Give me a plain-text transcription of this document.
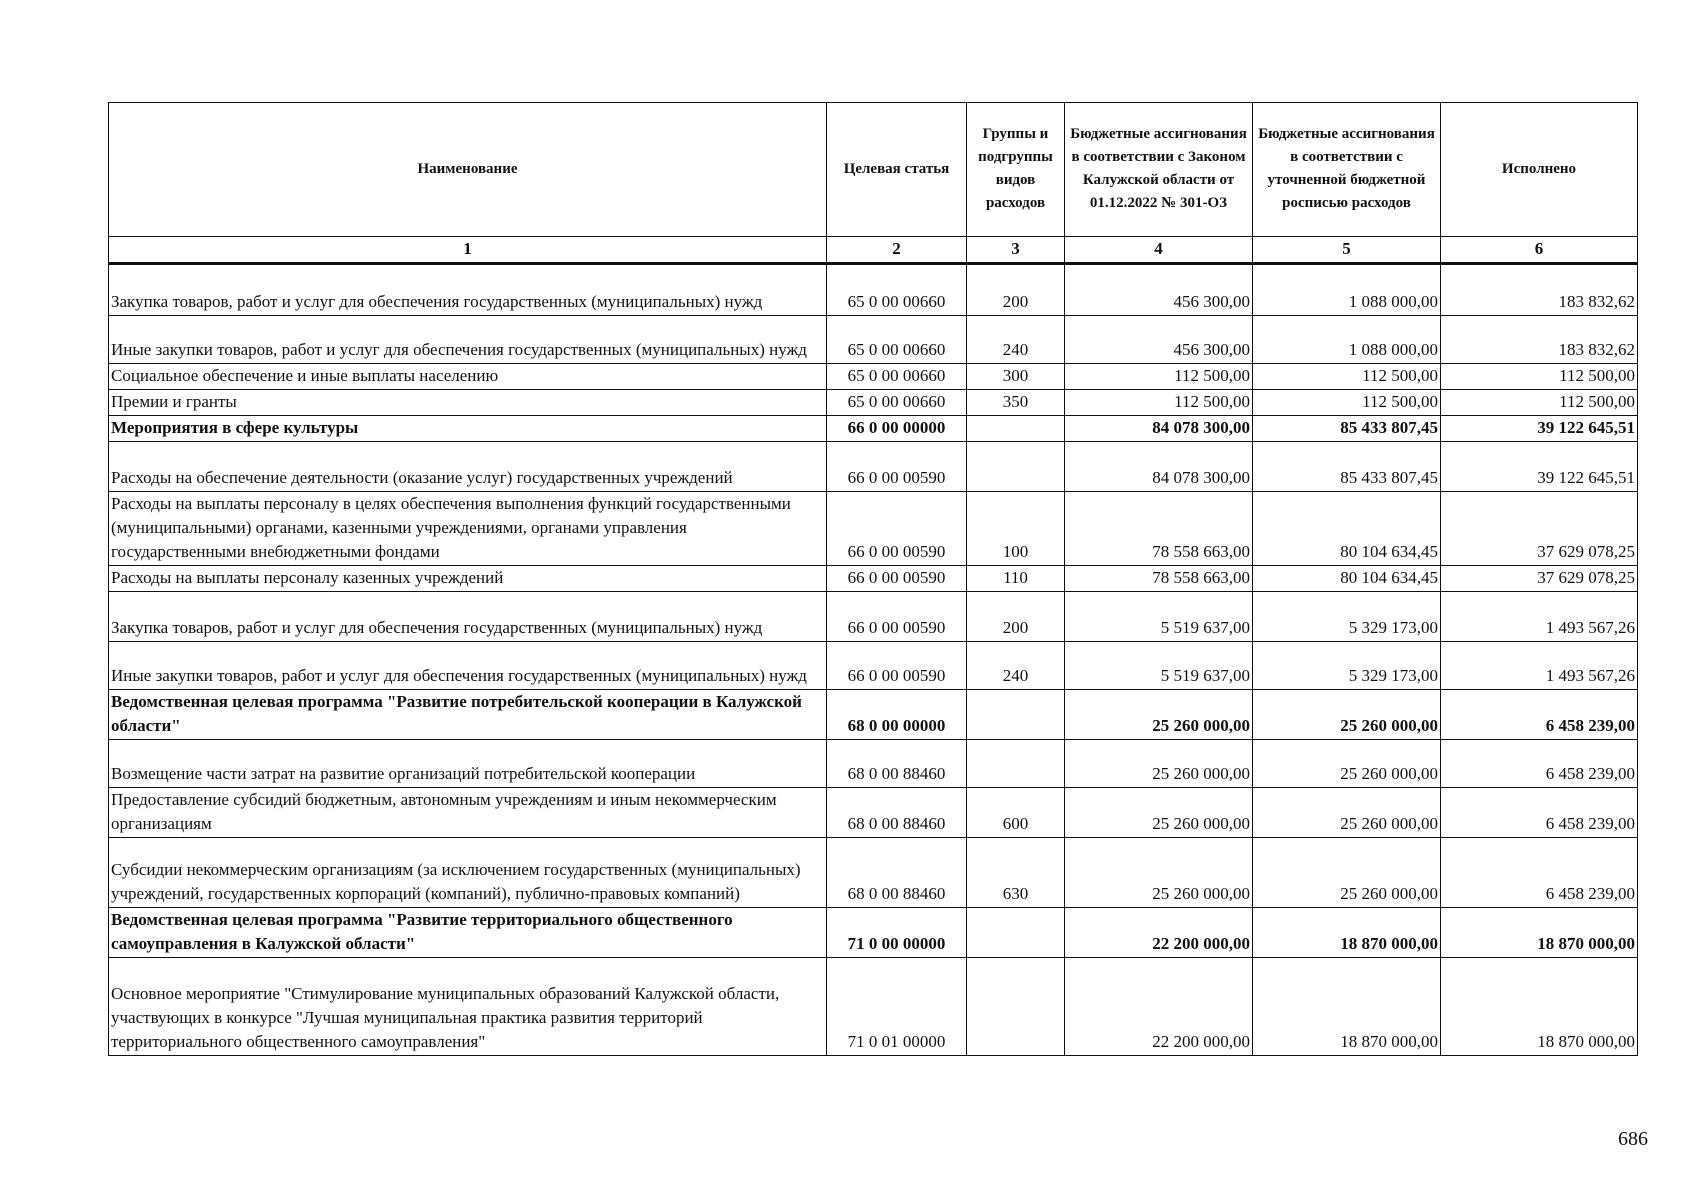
Наименование	Целевая статья	Группы и подгруппы видов расходов	Бюджетные ассигнования в соответствии с Законом Калужской области от 01.12.2022 № 301-ОЗ	Бюджетные ассигнования в соответствии с уточненной бюджетной росписью расходов	Исполнено
1	2	3	4	5	6
Закупка товаров, работ и услуг для обеспечения государственных (муниципальных) нужд	65 0 00 00660	200	456 300,00	1 088 000,00	183 832,62
Иные закупки товаров, работ и услуг для обеспечения государственных (муниципальных) нужд	65 0 00 00660	240	456 300,00	1 088 000,00	183 832,62
Социальное обеспечение и иные выплаты населению	65 0 00 00660	300	112 500,00	112 500,00	112 500,00
Премии и гранты	65 0 00 00660	350	112 500,00	112 500,00	112 500,00
Мероприятия в сфере культуры	66 0 00 00000		84 078 300,00	85 433 807,45	39 122 645,51
Расходы на обеспечение деятельности (оказание услуг) государственных учреждений	66 0 00 00590		84 078 300,00	85 433 807,45	39 122 645,51
Расходы на выплаты персоналу в целях обеспечения выполнения функций государственными (муниципальными) органами, казенными учреждениями, органами управления государственными внебюджетными фондами	66 0 00 00590	100	78 558 663,00	80 104 634,45	37 629 078,25
Расходы на выплаты персоналу казенных учреждений	66 0 00 00590	110	78 558 663,00	80 104 634,45	37 629 078,25
Закупка товаров, работ и услуг для обеспечения государственных (муниципальных) нужд	66 0 00 00590	200	5 519 637,00	5 329 173,00	1 493 567,26
Иные закупки товаров, работ и услуг для обеспечения государственных (муниципальных) нужд	66 0 00 00590	240	5 519 637,00	5 329 173,00	1 493 567,26
Ведомственная целевая программа "Развитие потребительской кооперации в Калужской области"	68 0 00 00000		25 260 000,00	25 260 000,00	6 458 239,00
Возмещение части затрат на развитие организаций потребительской кооперации	68 0 00 88460		25 260 000,00	25 260 000,00	6 458 239,00
Предоставление субсидий бюджетным, автономным учреждениям и иным некоммерческим организациям	68 0 00 88460	600	25 260 000,00	25 260 000,00	6 458 239,00
Субсидии некоммерческим организациям (за исключением государственных (муниципальных) учреждений, государственных корпораций (компаний), публично-правовых компаний)	68 0 00 88460	630	25 260 000,00	25 260 000,00	6 458 239,00
Ведомственная целевая программа "Развитие территориального общественного самоуправления в Калужской области"	71 0 00 00000		22 200 000,00	18 870 000,00	18 870 000,00
Основное мероприятие "Стимулирование муниципальных образований Калужской области, участвующих в конкурсе "Лучшая муниципальная практика развития территорий территориального общественного самоуправления"	71 0 01 00000		22 200 000,00	18 870 000,00	18 870 000,00
686
